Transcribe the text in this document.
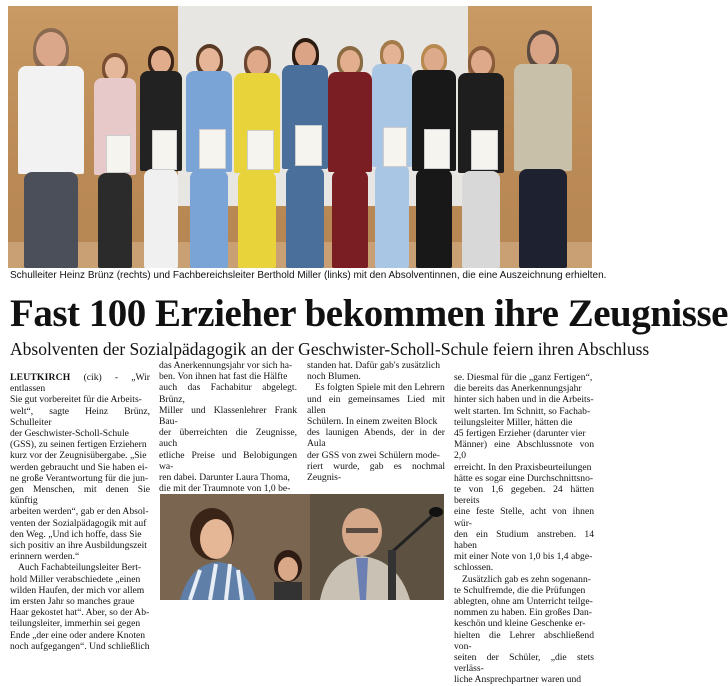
Schulleiter Heinz Brünz (rechts) und Fachbereichsleiter Berthold Miller (links) mit den Absolventinnen, die eine Auszeichnung erhielten.
Fast 100 Erzieher bekommen ihre Zeugnisse
Absolventen der Sozialpädagogik an der Geschwister-Scholl-Schule feiern ihren Abschluss

LEUTKIRCH (cik) - „Wir entlassen

Sie gut vorbereitet für die Arbeits-

welt“, sagte Heinz Brünz, Schulleiter

der Geschwister-Scholl-Schule

(GSS), zu seinen fertigen Erziehern

kurz vor der Zeugnisübergabe. „Sie

werden gebraucht und Sie haben ei-

ne große Verantwortung für die jun-

gen Menschen, mit denen Sie künftig

arbeiten werden“, gab er den Absol-

venten der Sozialpädagogik mit auf

den Weg. „Und ich hoffe, dass Sie

sich positiv an ihre Ausbildungszeit

erinnern werden.“

Auch Fachabteilungsleiter Bert-

hold Miller verabschiedete „einen

wilden Haufen, der mich vor allem

im ersten Jahr so manches graue

Haar gekostet hat“. Aber, so der Ab-

teilungsleiter, immerhin sei gegen

Ende „der eine oder andere Knoten

noch aufgegangen“. Und schließlich

das Anerkennungsjahr vor sich ha-

ben. Von ihnen hat fast die Hälfte

auch das Fachabitur abgelegt. Brünz,

Miller und Klassenlehrer Frank Bau-

der überreichten die Zeugnisse, auch

etliche Preise und Belobigungen wa-

ren dabei. Darunter Laura Thoma,

die mit der Traumnote von 1,0 be-

standen hat. Dafür gab's zusätzlich

noch Blumen.

Es folgten Spiele mit den Lehrern

und ein gemeinsames Lied mit allen

Schülern. In einem zweiten Block

des launigen Abends, der in der Aula

der GSS von zwei Schülern mode-

riert wurde, gab es nochmal Zeugnis-

se. Diesmal für die „ganz Fertigen“,

die bereits das Anerkennungsjahr

hinter sich haben und in die Arbeits-

welt starten. Im Schnitt, so Fachab-

teilungsleiter Miller, hätten die

45 fertigen Erzieher (darunter vier

Männer) eine Abschlussnote von 2,0

erreicht. In den Praxisbeurteilungen

hätte es sogar eine Durchschnittsno-

te von 1,6 gegeben. 24 hätten bereits

eine feste Stelle, acht von ihnen wür-

den ein Studium anstreben. 14 haben

mit einer Note von 1,0 bis 1,4 abge-

schlossen.

Zusätzlich gab es zehn sogenann-

te Schulfremde, die die Prüfungen

ablegten, ohne am Unterricht teilge-

nommen zu haben. Ein großes Dan-

keschön und kleine Geschenke er-

hielten die Lehrer abschließend von-

seiten der Schüler, „die stets verläss-

liche Ansprechpartner waren und
